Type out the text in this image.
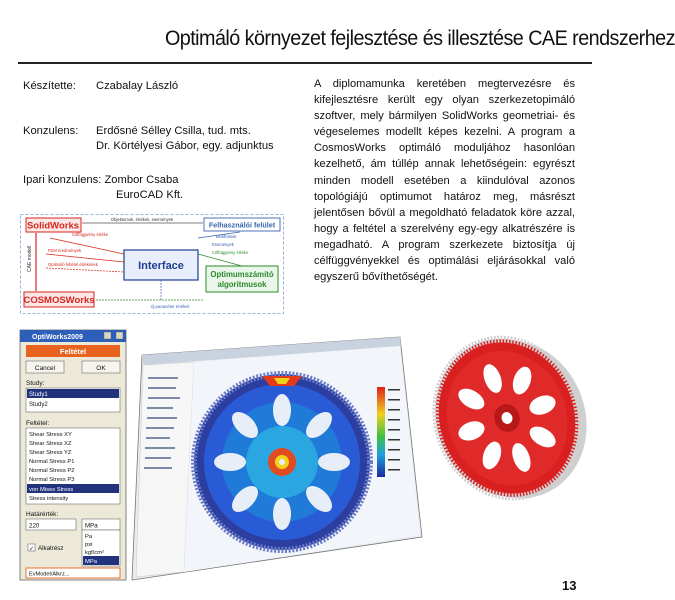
Optimáló környezet fejlesztése és illesztése CAE rendszerhez
Készítette: Czabalay László
Konzulens: Erdősné Sélley Csilla, tud. mts.
Dr. Körtélyesi Gábor, egy. adjunktus
Ipari konzulens: Zombor Csaba
EuroCAD Kft.
A diplomamunka keretében megtervezésre és kifejlesztésre került egy olyan szerkezetopimáló szoftver, mely bármilyen SolidWorks geometriai- és végeselemes modellt képes kezelni. A program a CosmosWorks optimáló moduljához hasonlóan kezelhető, ám túllép annak lehetőségein: egyrészt minden modell esetében a kiindulóval azonos topológiájú optimumot határoz meg, másrészt jelentősen bővül a megoldható feladatok köre azzal, hogy a feltétel a szerelvény egy-egy alkatrészére is megadható. A program szerkezete biztosítja új célfüggvényekkel és optimálási eljárásokkal való egyszerű bővíthetőségét.
SolidWorks
COSMOSWorks
CAE modell	Interface
Felhasználói felület
Optimumszámító
algoritmusok
Objektumok, értékek, események
Célfüggvény értéke
FEM eredmények
Optimáló feltétel értékének
Beállítások
Célfüggvény értéke
Események
Új paraméter értékek
OptiWorks2009
Feltétel
Cancel	OK
Study:
Study1
Study2
Feltétel:
Shear Stress XY
Shear Stress XZ
Shear Stress YZ
Normal Stress P1
Normal Stress P2
Normal Stress P3
von Mises Stress
Stress intensity
Határérték:
220	MPa
Pa
psi
kgf/cm²
MPa
✓ Alkatrész
EvModel/Alkrz...
13
